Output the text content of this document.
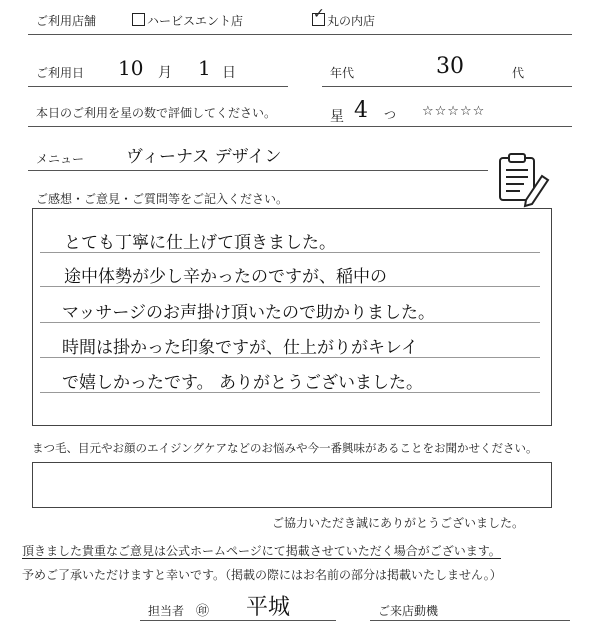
ご利用店舗	ハービスエント店	✓ 丸の内店
ご利用日 10 月 1 日	年代	30	代
本日のご利用を星の数で評価してください。	星 4 つ ☆☆☆☆☆
メニュー ヴィーナス デザイン
ご感想・ご意見・ご質問等をご記入ください。
とても丁寧に仕上げて頂きました。
途中体勢が少し辛かったのですが、稲中の
マッサージのお声掛け頂いたので助かりました。
時間は掛かった印象ですが、仕上がりがキレイ
で嬉しかったです。 ありがとうございました。
まつ毛、目元やお顔のエイジングケアなどのお悩みや今一番興味があることをお聞かせください。
ご協力いただき誠にありがとうございました。
頂きました貴重なご意見は公式ホームページにて掲載させていただく場合がございます。
予めご了承いただけますと幸いです。（掲載の際にはお名前の部分は掲載いたしません。）
担当者 ㊞ 平城	ご来店動機
